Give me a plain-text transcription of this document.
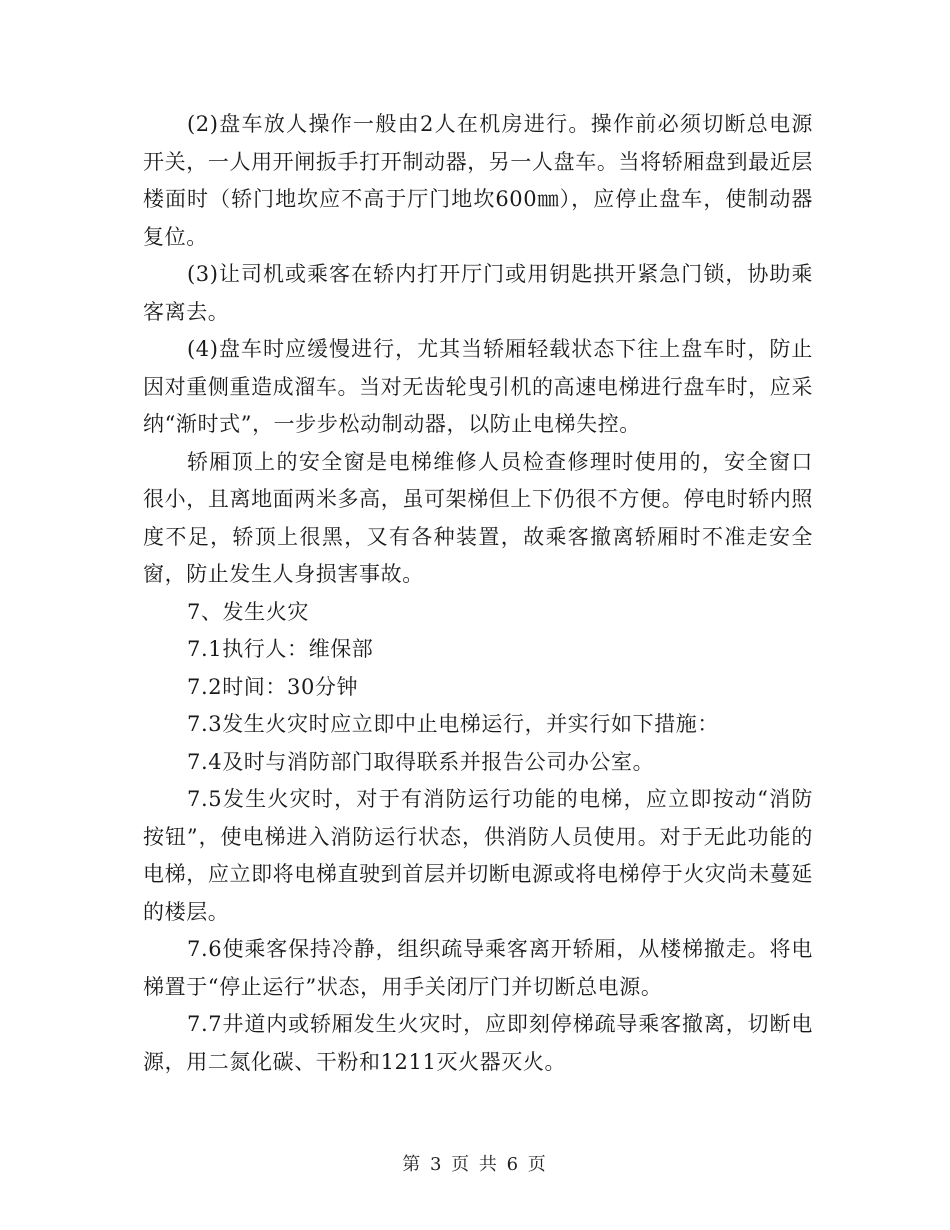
(2)盘车放人操作一般由2人在机房进行。操作前必须切断总电源开关，一人用开闸扳手打开制动器，另一人盘车。当将轿厢盘到最近层楼面时（轿门地坎应不高于厅门地坎600㎜），应停止盘车，使制动器复位。

(3)让司机或乘客在轿内打开厅门或用钥匙拱开紧急门锁，协助乘客离去。

(4)盘车时应缓慢进行，尤其当轿厢轻载状态下往上盘车时，防止因对重侧重造成溜车。当对无齿轮曳引机的高速电梯进行盘车时，应采纳“渐时式”，一步步松动制动器，以防止电梯失控。

轿厢顶上的安全窗是电梯维修人员检查修理时使用的，安全窗口很小，且离地面两米多高，虽可架梯但上下仍很不方便。停电时轿内照度不足，轿顶上很黑，又有各种装置，故乘客撤离轿厢时不准走安全窗，防止发生人身损害事故。

7、发生火灾

7.1执行人：维保部

7.2时间：30分钟

7.3发生火灾时应立即中止电梯运行，并实行如下措施：

7.4及时与消防部门取得联系并报告公司办公室。

7.5发生火灾时，对于有消防运行功能的电梯，应立即按动“消防按钮”，使电梯进入消防运行状态，供消防人员使用。对于无此功能的电梯，应立即将电梯直驶到首层并切断电源或将电梯停于火灾尚未蔓延的楼层。

7.6使乘客保持冷静，组织疏导乘客离开轿厢，从楼梯撤走。将电梯置于“停止运行”状态，用手关闭厅门并切断总电源。

7.7井道内或轿厢发生火灾时，应即刻停梯疏导乘客撤离，切断电源，用二氮化碳、干粉和1211灭火器灭火。

第 3 页 共 6 页
